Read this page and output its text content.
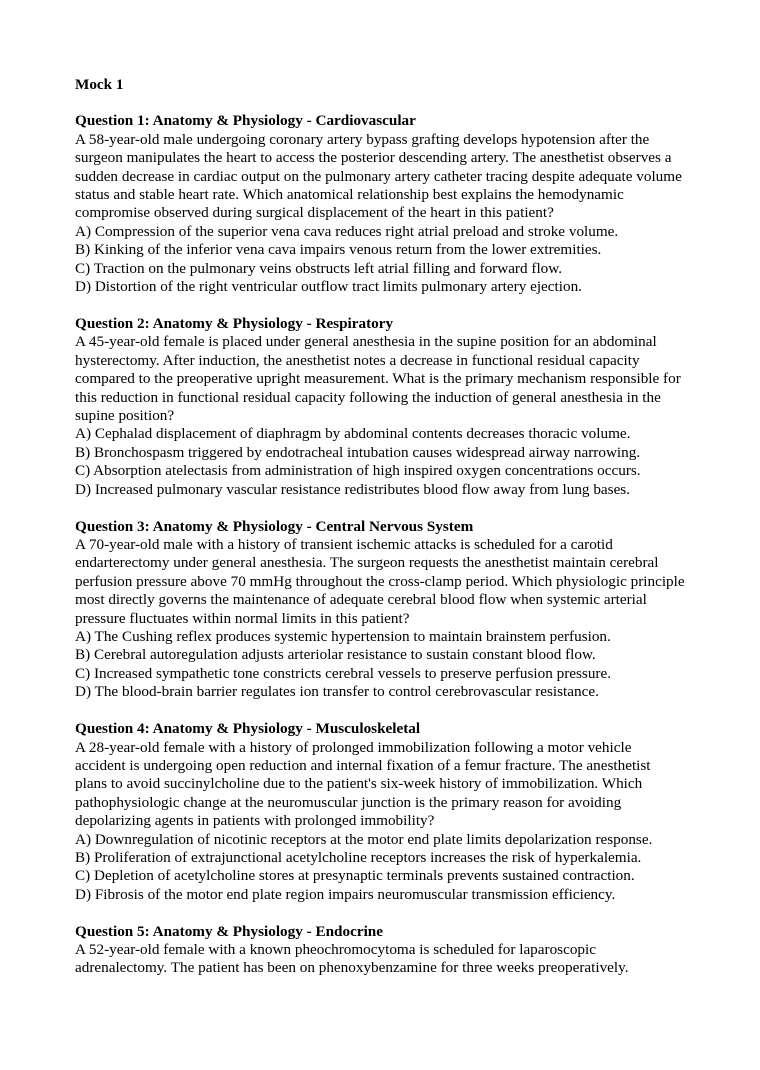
Mock 1
Question 1: Anatomy & Physiology - Cardiovascular
A 58-year-old male undergoing coronary artery bypass grafting develops hypotension after the surgeon manipulates the heart to access the posterior descending artery. The anesthetist observes a sudden decrease in cardiac output on the pulmonary artery catheter tracing despite adequate volume status and stable heart rate. Which anatomical relationship best explains the hemodynamic compromise observed during surgical displacement of the heart in this patient?
A) Compression of the superior vena cava reduces right atrial preload and stroke volume.
B) Kinking of the inferior vena cava impairs venous return from the lower extremities.
C) Traction on the pulmonary veins obstructs left atrial filling and forward flow.
D) Distortion of the right ventricular outflow tract limits pulmonary artery ejection.
Question 2: Anatomy & Physiology - Respiratory
A 45-year-old female is placed under general anesthesia in the supine position for an abdominal hysterectomy. After induction, the anesthetist notes a decrease in functional residual capacity compared to the preoperative upright measurement. What is the primary mechanism responsible for this reduction in functional residual capacity following the induction of general anesthesia in the supine position?
A) Cephalad displacement of diaphragm by abdominal contents decreases thoracic volume.
B) Bronchospasm triggered by endotracheal intubation causes widespread airway narrowing.
C) Absorption atelectasis from administration of high inspired oxygen concentrations occurs.
D) Increased pulmonary vascular resistance redistributes blood flow away from lung bases.
Question 3: Anatomy & Physiology - Central Nervous System
A 70-year-old male with a history of transient ischemic attacks is scheduled for a carotid endarterectomy under general anesthesia. The surgeon requests the anesthetist maintain cerebral perfusion pressure above 70 mmHg throughout the cross-clamp period. Which physiologic principle most directly governs the maintenance of adequate cerebral blood flow when systemic arterial pressure fluctuates within normal limits in this patient?
A) The Cushing reflex produces systemic hypertension to maintain brainstem perfusion.
B) Cerebral autoregulation adjusts arteriolar resistance to sustain constant blood flow.
C) Increased sympathetic tone constricts cerebral vessels to preserve perfusion pressure.
D) The blood-brain barrier regulates ion transfer to control cerebrovascular resistance.
Question 4: Anatomy & Physiology - Musculoskeletal
A 28-year-old female with a history of prolonged immobilization following a motor vehicle accident is undergoing open reduction and internal fixation of a femur fracture. The anesthetist plans to avoid succinylcholine due to the patient's six-week history of immobilization. Which pathophysiologic change at the neuromuscular junction is the primary reason for avoiding depolarizing agents in patients with prolonged immobility?
A) Downregulation of nicotinic receptors at the motor end plate limits depolarization response.
B) Proliferation of extrajunctional acetylcholine receptors increases the risk of hyperkalemia.
C) Depletion of acetylcholine stores at presynaptic terminals prevents sustained contraction.
D) Fibrosis of the motor end plate region impairs neuromuscular transmission efficiency.
Question 5: Anatomy & Physiology - Endocrine
A 52-year-old female with a known pheochromocytoma is scheduled for laparoscopic adrenalectomy. The patient has been on phenoxybenzamine for three weeks preoperatively.
